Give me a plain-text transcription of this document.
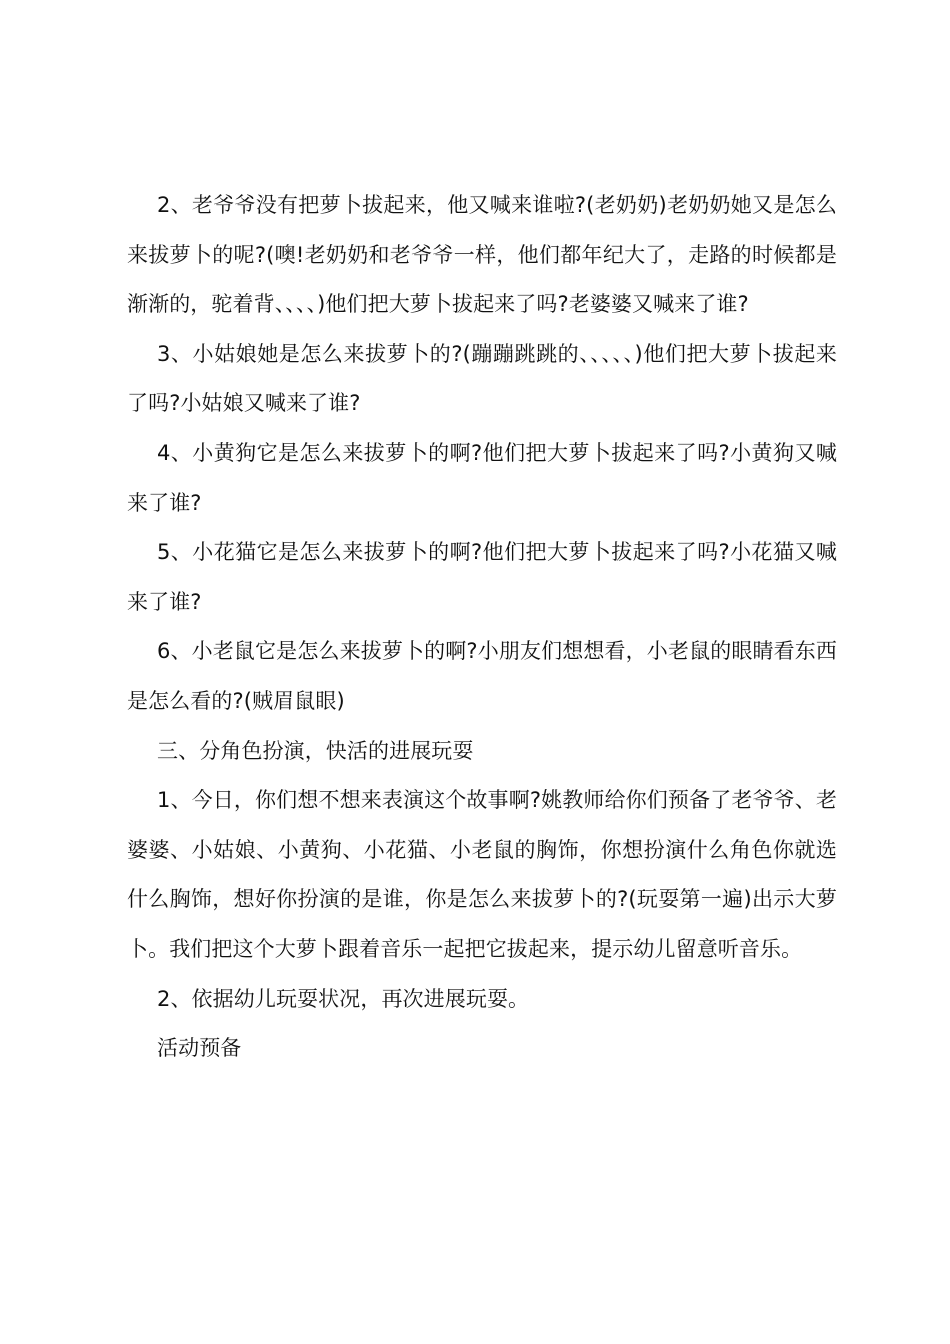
2、老爷爷没有把萝卜拔起来，他又喊来谁啦?(老奶奶)老奶奶她又是怎么来拔萝卜的呢?(噢!老奶奶和老爷爷一样，他们都年纪大了，走路的时候都是渐渐的，驼着背、、、、)他们把大萝卜拔起来了吗?老婆婆又喊来了谁?

3、小姑娘她是怎么来拔萝卜的?(蹦蹦跳跳的、、、、、)他们把大萝卜拔起来了吗?小姑娘又喊来了谁?

4、小黄狗它是怎么来拔萝卜的啊?他们把大萝卜拔起来了吗?小黄狗又喊来了谁?

5、小花猫它是怎么来拔萝卜的啊?他们把大萝卜拔起来了吗?小花猫又喊来了谁?

6、小老鼠它是怎么来拔萝卜的啊?小朋友们想想看，小老鼠的眼睛看东西是怎么看的?(贼眉鼠眼)

三、分角色扮演，快活的进展玩耍

1、今日，你们想不想来表演这个故事啊?姚教师给你们预备了老爷爷、老婆婆、小姑娘、小黄狗、小花猫、小老鼠的胸饰，你想扮演什么角色你就选什么胸饰，想好你扮演的是谁，你是怎么来拔萝卜的?(玩耍第一遍)出示大萝卜。我们把这个大萝卜跟着音乐一起把它拔起来，提示幼儿留意听音乐。

2、依据幼儿玩耍状况，再次进展玩耍。

活动预备
